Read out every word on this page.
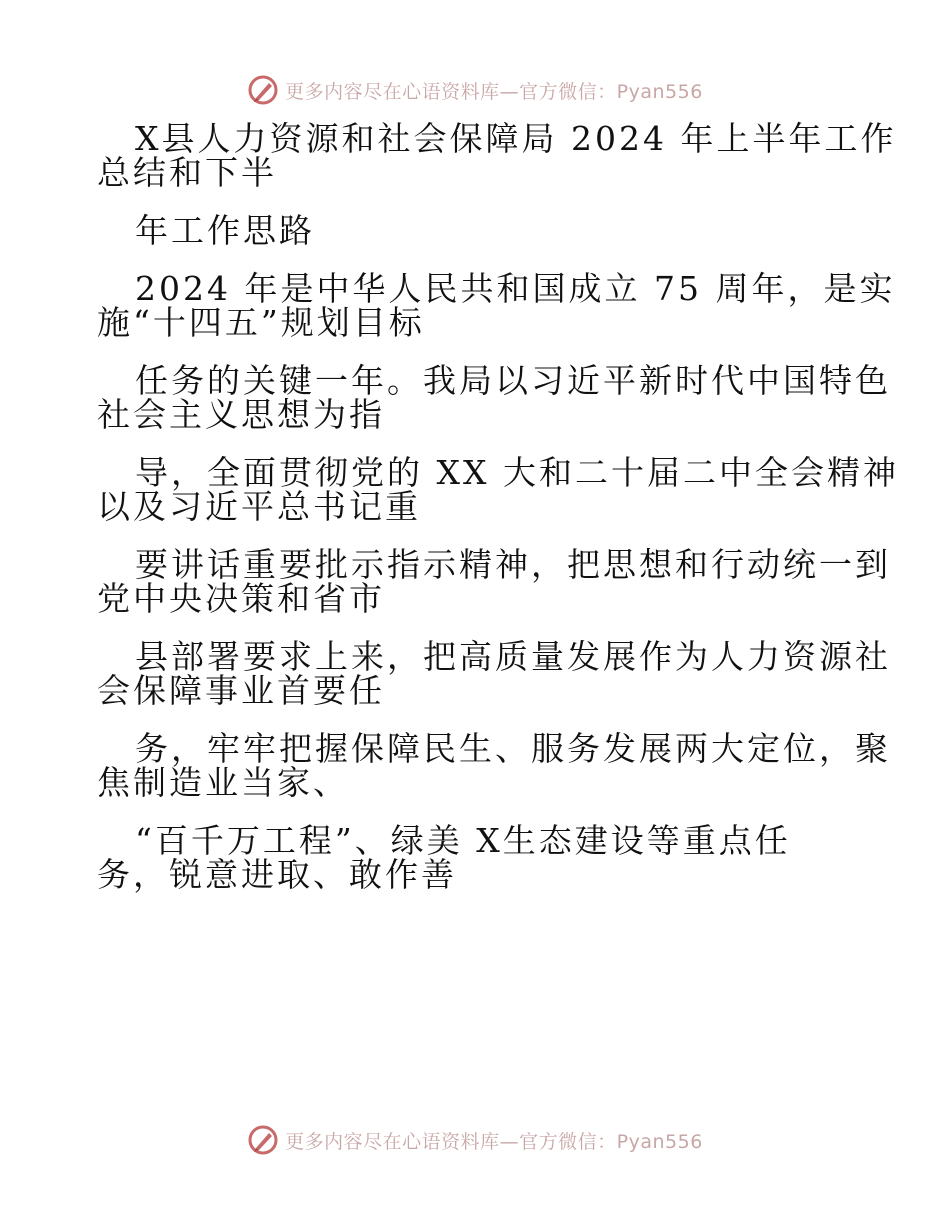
更多内容尽在心语资料库—官方微信：Pyan556
X县人力资源和社会保障局 2024 年上半年工作
总结和下半
年工作思路
2024 年是中华人民共和国成立 75 周年，是实
施“十四五”规划目标
任务的关键一年。我局以习近平新时代中国特色
社会主义思想为指
导，全面贯彻党的 XX 大和二十届二中全会精神
以及习近平总书记重
要讲话重要批示指示精神，把思想和行动统一到
党中央决策和省市
县部署要求上来，把高质量发展作为人力资源社
会保障事业首要任
务，牢牢把握保障民生、服务发展两大定位，聚
焦制造业当家、
“百千万工程”、绿美 X生态建设等重点任
务，锐意进取、敢作善
更多内容尽在心语资料库—官方微信：Pyan556
